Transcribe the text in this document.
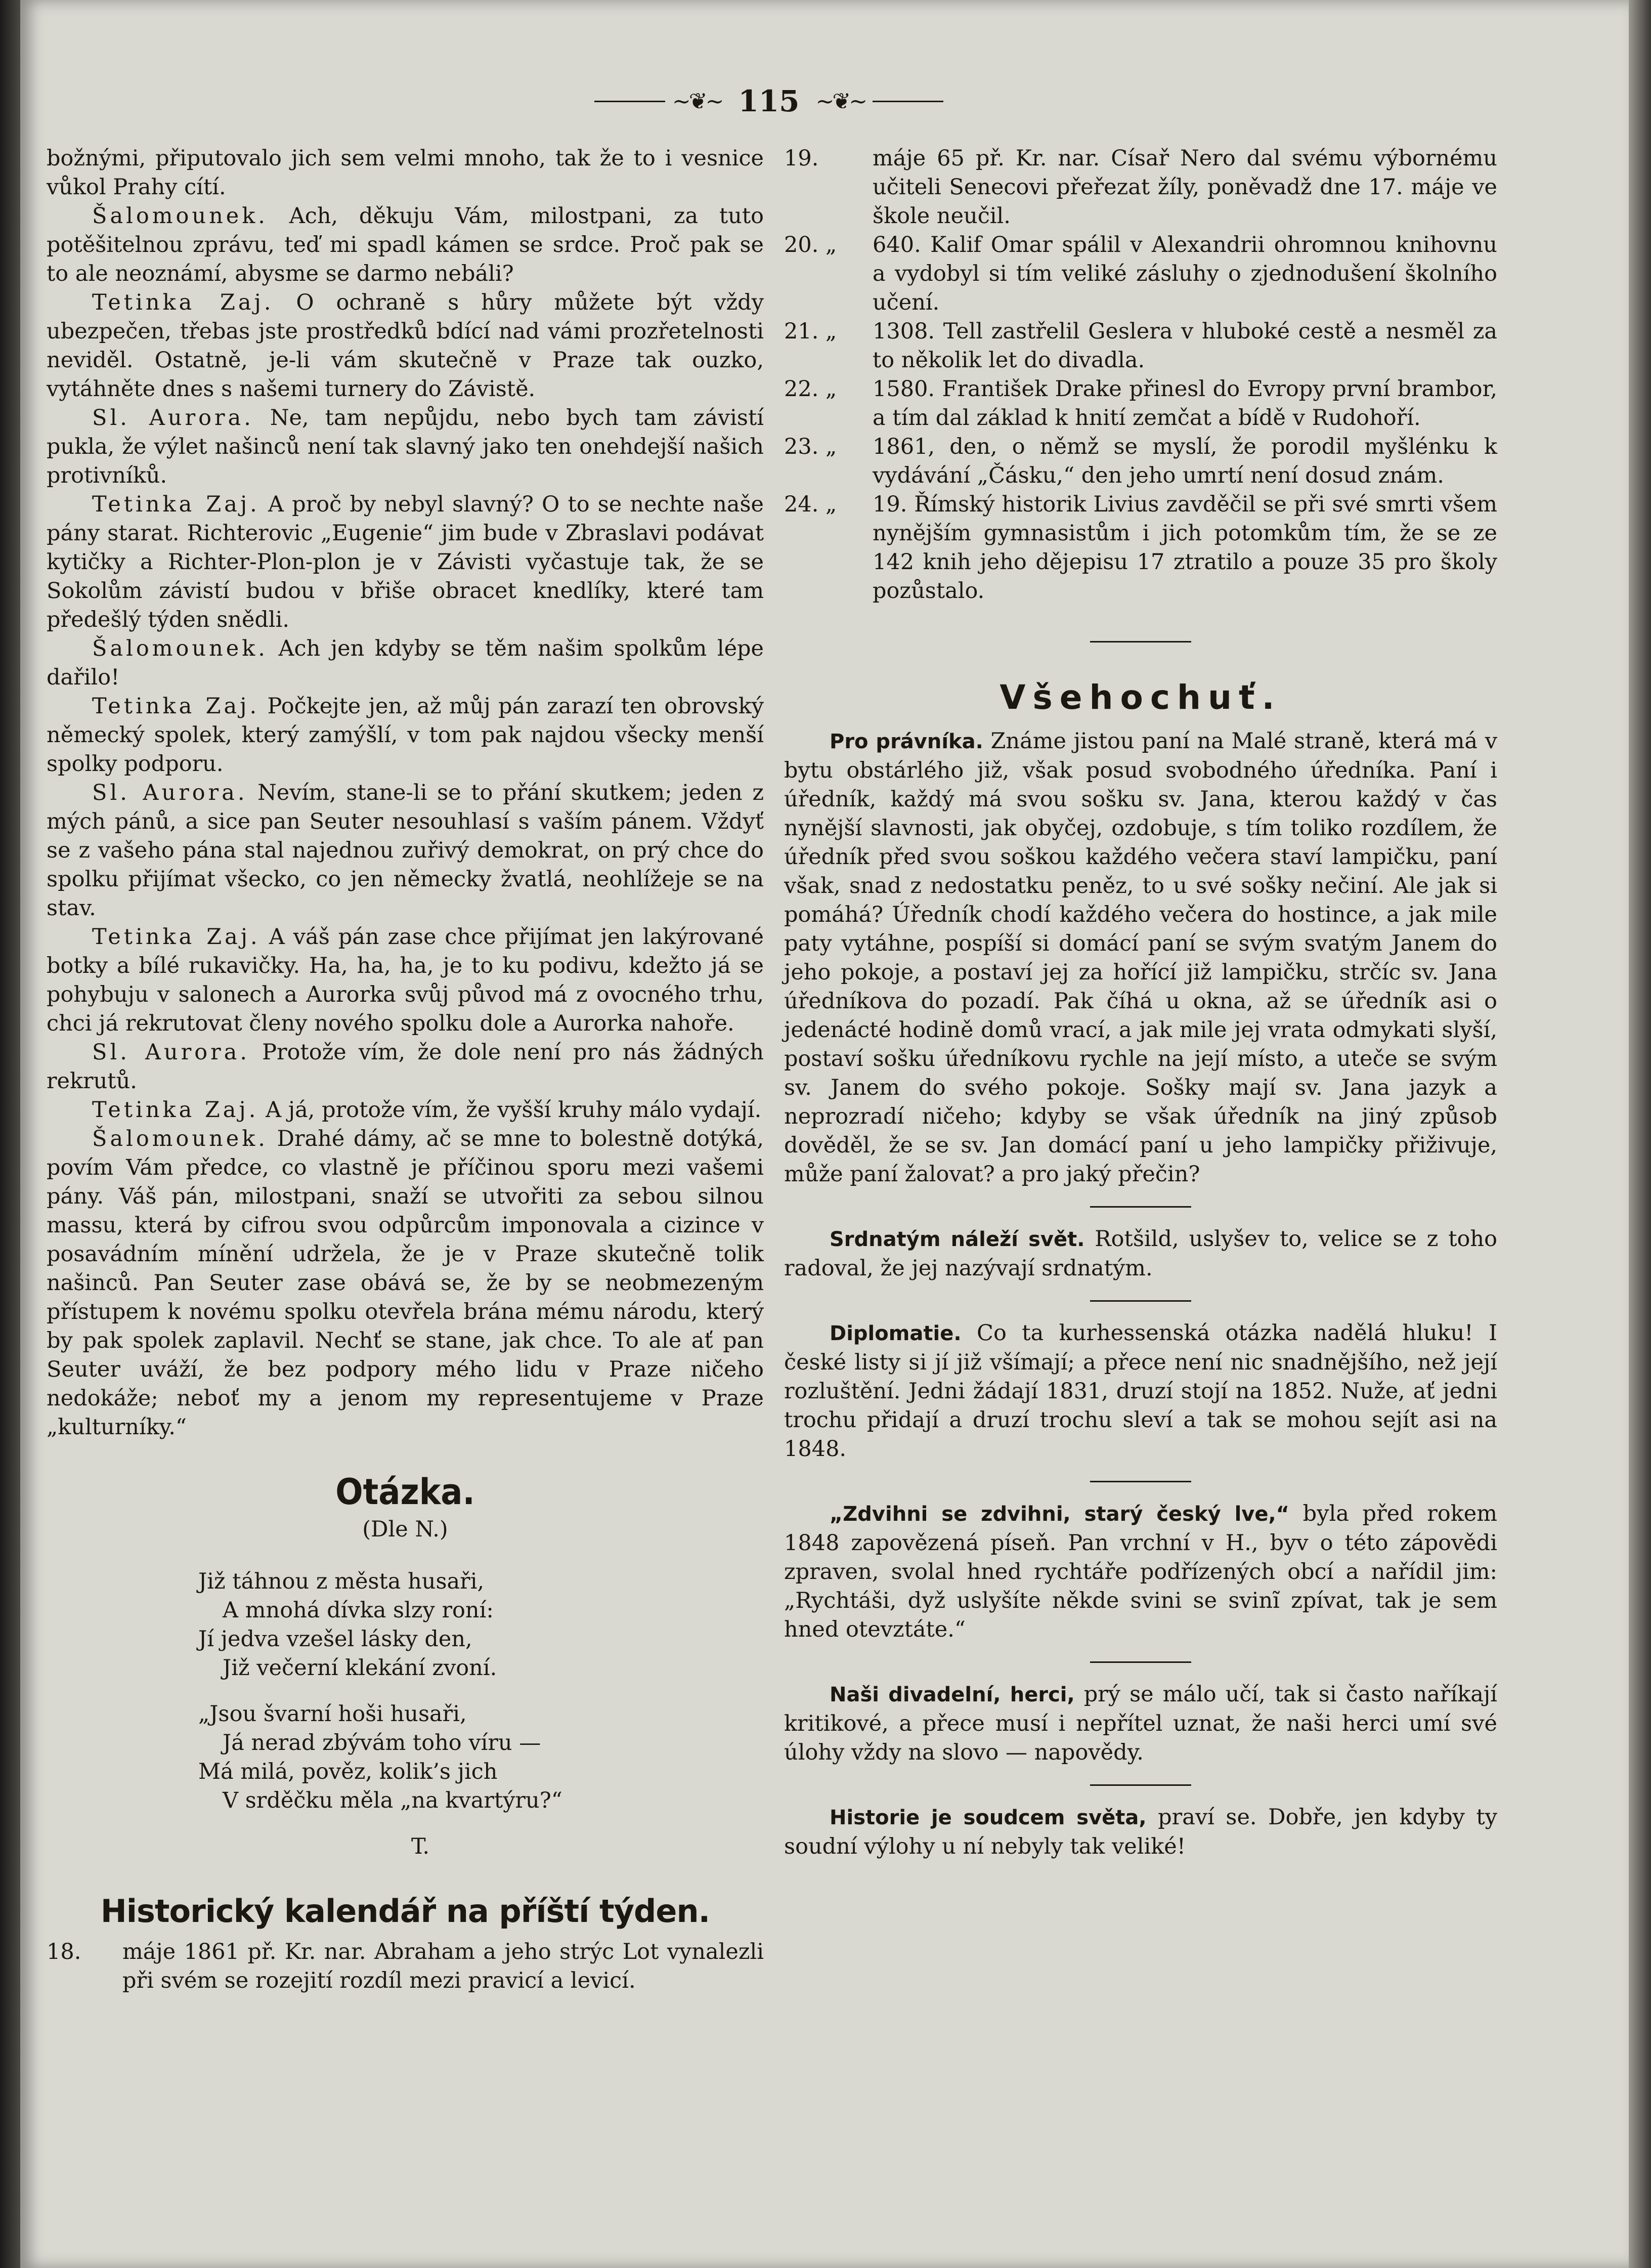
~❦~ 115 ~❦~

božnými, připutovalo jich sem velmi mnoho, tak že to i vesnice vůkol Prahy cítí.

Šalomounek. Ach, děkuju Vám, milostpani, za tuto potěšitelnou zprávu, teď mi spadl kámen se srdce. Proč pak se to ale neoznámí, abysme se darmo nebáli?

Tetinka Zaj. O ochraně s hůry můžete být vždy ubezpečen, třebas jste prostředků bdící nad vámi prozřetelnosti neviděl. Ostatně, je-li vám skutečně v Praze tak ouzko, vytáhněte dnes s našemi turnery do Závistě.

Sl. Aurora. Ne, tam nepůjdu, nebo bych tam závistí pukla, že výlet našinců není tak slavný jako ten onehdejší našich protivníků.

Tetinka Zaj. A proč by nebyl slavný? O to se nechte naše pány starat. Richterovic „Eugenie“ jim bude v Zbraslavi podávat kytičky a Richter-Plon-plon je v Závisti vyčastuje tak, že se Sokolům závistí budou v břiše obracet knedlíky, které tam předešlý týden snědli.

Šalomounek. Ach jen kdyby se těm našim spolkům lépe dařilo!

Tetinka Zaj. Počkejte jen, až můj pán zarazí ten obrovský německý spolek, který zamýšlí, v tom pak najdou všecky menší spolky podporu.

Sl. Aurora. Nevím, stane-li se to přání skutkem; jeden z mých pánů, a sice pan Seuter nesouhlasí s vaším pánem. Vždyť se z vašeho pána stal najednou zuřivý demokrat, on prý chce do spolku přijímat všecko, co jen německy žvatlá, neohlížeje se na stav.

Tetinka Zaj. A váš pán zase chce přijímat jen lakýrované botky a bílé rukavičky. Ha, ha, ha, je to ku podivu, kdežto já se pohybuju v salonech a Aurorka svůj původ má z ovocného trhu, chci já rekrutovat členy nového spolku dole a Aurorka nahoře.

Sl. Aurora. Protože vím, že dole není pro nás žádných rekrutů.

Tetinka Zaj. A já, protože vím, že vyšší kruhy málo vydají.

Šalomounek. Drahé dámy, ač se mne to bolestně dotýká, povím Vám předce, co vlastně je příčinou sporu mezi vašemi pány. Váš pán, milostpani, snaží se utvořiti za sebou silnou massu, která by cifrou svou odpůrcům imponovala a cizince v posavádním mínění udržela, že je v Praze skutečně tolik našinců. Pan Seuter zase obává se, že by se neobmezeným přístupem k novému spolku otevřela brána mému národu, který by pak spolek zaplavil. Nechť se stane, jak chce. To ale ať pan Seuter uváží, že bez podpory mého lidu v Praze ničeho nedokáže; neboť my a jenom my representujeme v Praze „kulturníky.“

Otázka.
(Dle N.)

Již táhnou z města husaři,

A mnohá dívka slzy roní:

Jí jedva vzešel lásky den,

Již večerní klekání zvoní.

„Jsou švarní hoši husaři,

Já nerad zbývám toho víru —

Má milá, pověz, kolik’s jich

V srděčku měla „na kvartýru?“

T.
Historický kalendář na příští týden.
18.	máje 1861 př. Kr. nar. Abraham a jeho strýc Lot vynalezli při svém se rozejití rozdíl mezi pravicí a levicí.
19.	máje 65 př. Kr. nar. Císař Nero dal svému výbornému učiteli Senecovi přeřezat žíly, poněvadž dne 17. máje ve škole neučil.
20. „	640. Kalif Omar spálil v Alexandrii ohromnou knihovnu a vydobyl si tím veliké zásluhy o zjednodušení školního učení.
21. „	1308. Tell zastřelil Geslera v hluboké cestě a nesměl za to několik let do divadla.
22. „	1580. František Drake přinesl do Evropy první brambor, a tím dal základ k hnití zemčat a bídě v Rudohoří.
23. „	1861, den, o němž se myslí, že porodil myšlénku k vydávání „Čásku,“ den jeho umrtí není dosud znám.
24. „	19. Římský historik Livius zavděčil se při své smrti všem nynějším gymnasistům i jich potomkům tím, že se ze 142 knih jeho dějepisu 17 ztratilo a pouze 35 pro školy pozůstalo.
Všehochuť.

Pro právníka. Známe jistou paní na Malé straně, která má v bytu obstárlého již, však posud svobodného úředníka. Paní i úředník, každý má svou sošku sv. Jana, kterou každý v čas nynější slavnosti, jak obyčej, ozdobuje, s tím toliko rozdílem, že úředník před svou soškou každého večera staví lampičku, paní však, snad z nedostatku peněz, to u své sošky nečiní. Ale jak si pomáhá? Úředník chodí každého večera do hostince, a jak mile paty vytáhne, pospíší si domácí paní se svým svatým Janem do jeho pokoje, a postaví jej za hořící již lampičku, strčíc sv. Jana úředníkova do pozadí. Pak číhá u okna, až se úředník asi o jedenácté hodině domů vrací, a jak mile jej vrata odmykati slyší, postaví sošku úředníkovu rychle na její místo, a uteče se svým sv. Janem do svého pokoje. Sošky mají sv. Jana jazyk a neprozradí ničeho; kdyby se však úředník na jiný způsob dověděl, že se sv. Jan domácí paní u jeho lampičky přiživuje, může paní žalovat? a pro jaký přečin?

Srdnatým náleží svět. Rotšild, uslyšev to, velice se z toho radoval, že jej nazývají srdnatým.

Diplomatie. Co ta kurhessenská otázka nadělá hluku! I české listy si jí již všímají; a přece není nic snadnějšího, než její rozluštění. Jedni žádají 1831, druzí stojí na 1852. Nuže, ať jedni trochu přidají a druzí trochu sleví a tak se mohou sejít asi na 1848.

„Zdvihni se zdvihni, starý český lve,“ byla před rokem 1848 zapovězená píseň. Pan vrchní v H., byv o této zápovědi zpraven, svolal hned rychtáře podřízených obcí a nařídil jim: „Rychtáši, dyž uslyšíte někde svini se svinĩ zpívat, tak je sem hned otevztáte.“

Naši divadelní, herci, prý se málo učí, tak si často naříkají kritikové, a přece musí i nepřítel uznat, že naši herci umí své úlohy vždy na slovo — napovědy.

Historie je soudcem světa, praví se. Dobře, jen kdyby ty soudní výlohy u ní nebyly tak veliké!
